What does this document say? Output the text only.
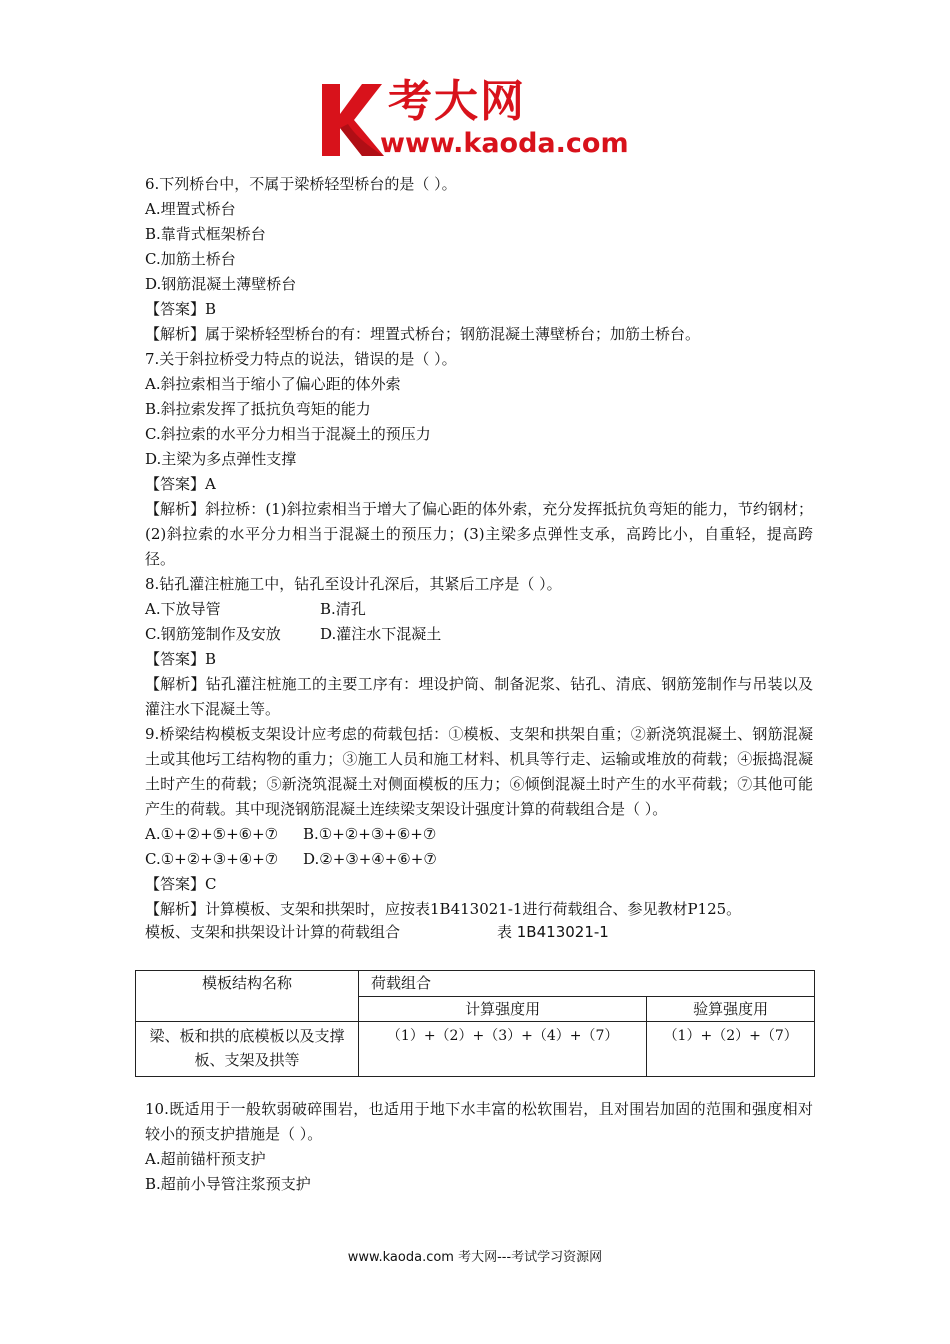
考大网
www.kaoda.com
6.下列桥台中，不属于梁桥轻型桥台的是（ ）。
A.埋置式桥台
B.靠背式框架桥台
C.加筋土桥台
D.钢筋混凝土薄壁桥台
【答案】B
【解析】属于梁桥轻型桥台的有：埋置式桥台；钢筋混凝土薄壁桥台；加筋土桥台。
7.关于斜拉桥受力特点的说法，错误的是（ ）。
A.斜拉索相当于缩小了偏心距的体外索
B.斜拉索发挥了抵抗负弯矩的能力
C.斜拉索的水平分力相当于混凝土的预压力
D.主梁为多点弹性支撑
【答案】A
【解析】斜拉桥：(1)斜拉索相当于增大了偏心距的体外索，充分发挥抵抗负弯矩的能力，节约钢材；(2)斜拉索的水平分力相当于混凝土的预压力；(3)主梁多点弹性支承，高跨比小，自重轻，提高跨径。
8.钻孔灌注桩施工中，钻孔至设计孔深后，其紧后工序是（ ）。
A.下放导管	B.清孔
C.钢筋笼制作及安放	D.灌注水下混凝土
【答案】B
【解析】钻孔灌注桩施工的主要工序有：埋设护筒、制备泥浆、钻孔、清底、钢筋笼制作与吊装以及灌注水下混凝土等。
9.桥梁结构模板支架设计应考虑的荷载包括：①模板、支架和拱架自重；②新浇筑混凝土、钢筋混凝土或其他圬工结构物的重力；③施工人员和施工材料、机具等行走、运输或堆放的荷载；④振捣混凝土时产生的荷载；⑤新浇筑混凝土对侧面模板的压力；⑥倾倒混凝土时产生的水平荷载；⑦其他可能产生的荷载。其中现浇钢筋混凝土连续梁支架设计强度计算的荷载组合是（ ）。
A.①+②+⑤+⑥+⑦	B.①+②+③+⑥+⑦
C.①+②+③+④+⑦	D.②+③+④+⑥+⑦
【答案】C
【解析】计算模板、支架和拱架时，应按表1B413021-1进行荷载组合、参见教材P125。
模板、支架和拱架设计计算的荷载组合	表 1B413021-1
模板结构名称	荷载组合	
	计算强度用	验算强度用
梁、板和拱的底模板以及支撑板、支架及拱等	（1）+（2）+（3）+（4）+（7）	（1）+（2）+（7）
10.既适用于一般软弱破碎围岩，也适用于地下水丰富的松软围岩，且对围岩加固的范围和强度相对较小的预支护措施是（ ）。
A.超前锚杆预支护
B.超前小导管注浆预支护
www.kaoda.com 考大网---考试学习资源网
